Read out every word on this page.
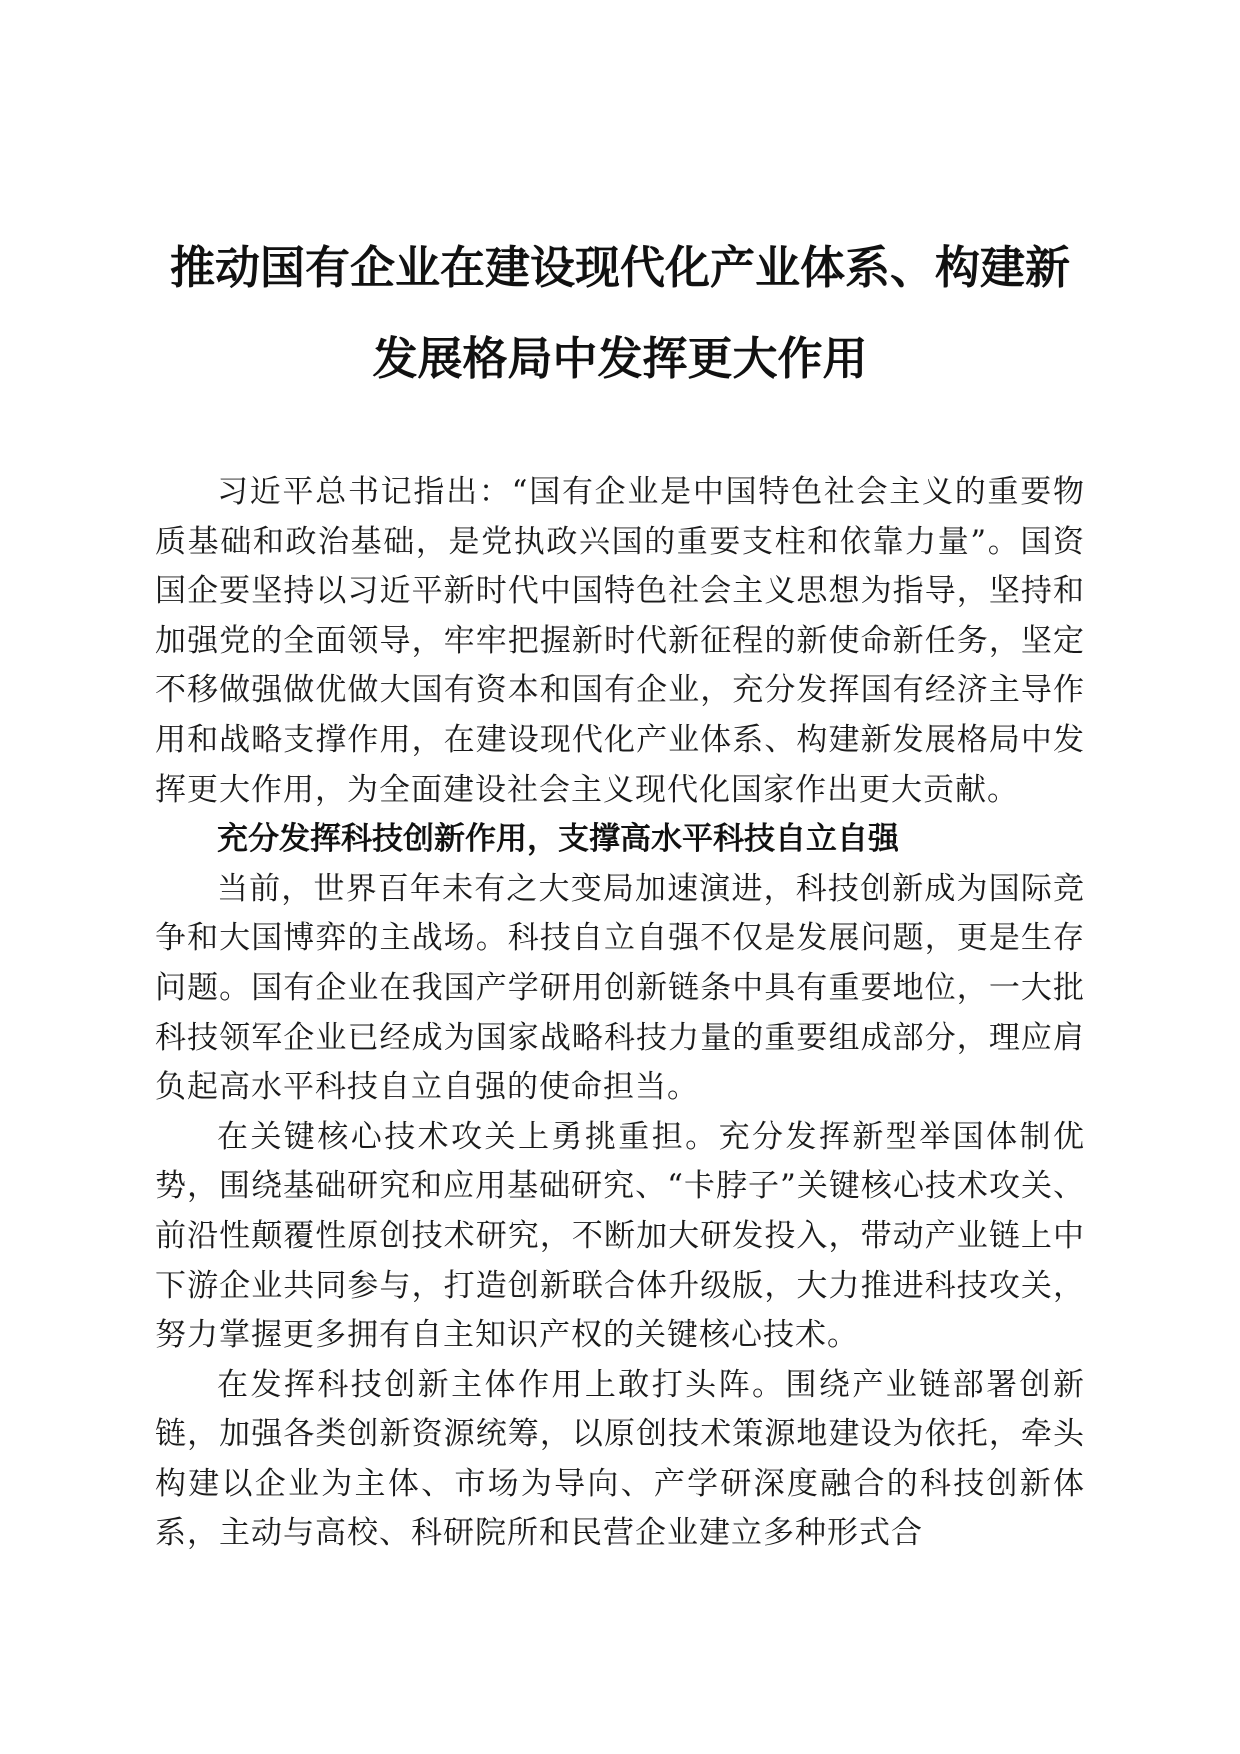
推动国有企业在建设现代化产业体系、构建新
发展格局中发挥更大作用

习近平总书记指出：“国有企业是中国特色社会主义的重要物质基础和政治基础，是党执政兴国的重要支柱和依靠力量”。国资国企要坚持以习近平新时代中国特色社会主义思想为指导，坚持和加强党的全面领导，牢牢把握新时代新征程的新使命新任务，坚定不移做强做优做大国有资本和国有企业，充分发挥国有经济主导作用和战略支撑作用，在建设现代化产业体系、构建新发展格局中发挥更大作用，为全面建设社会主义现代化国家作出更大贡献。

充分发挥科技创新作用，支撑高水平科技自立自强

当前，世界百年未有之大变局加速演进，科技创新成为国际竞争和大国博弈的主战场。科技自立自强不仅是发展问题，更是生存问题。国有企业在我国产学研用创新链条中具有重要地位，一大批科技领军企业已经成为国家战略科技力量的重要组成部分，理应肩负起高水平科技自立自强的使命担当。

在关键核心技术攻关上勇挑重担。充分发挥新型举国体制优势，围绕基础研究和应用基础研究、“卡脖子”关键核心技术攻关、前沿性颠覆性原创技术研究，不断加大研发投入，带动产业链上中下游企业共同参与，打造创新联合体升级版，大力推进科技攻关，努力掌握更多拥有自主知识产权的关键核心技术。

在发挥科技创新主体作用上敢打头阵。围绕产业链部署创新链，加强各类创新资源统筹，以原创技术策源地建设为依托，牵头构建以企业为主体、市场为导向、产学研深度融合的科技创新体系，主动与高校、科研院所和民营企业建立多种形式合
